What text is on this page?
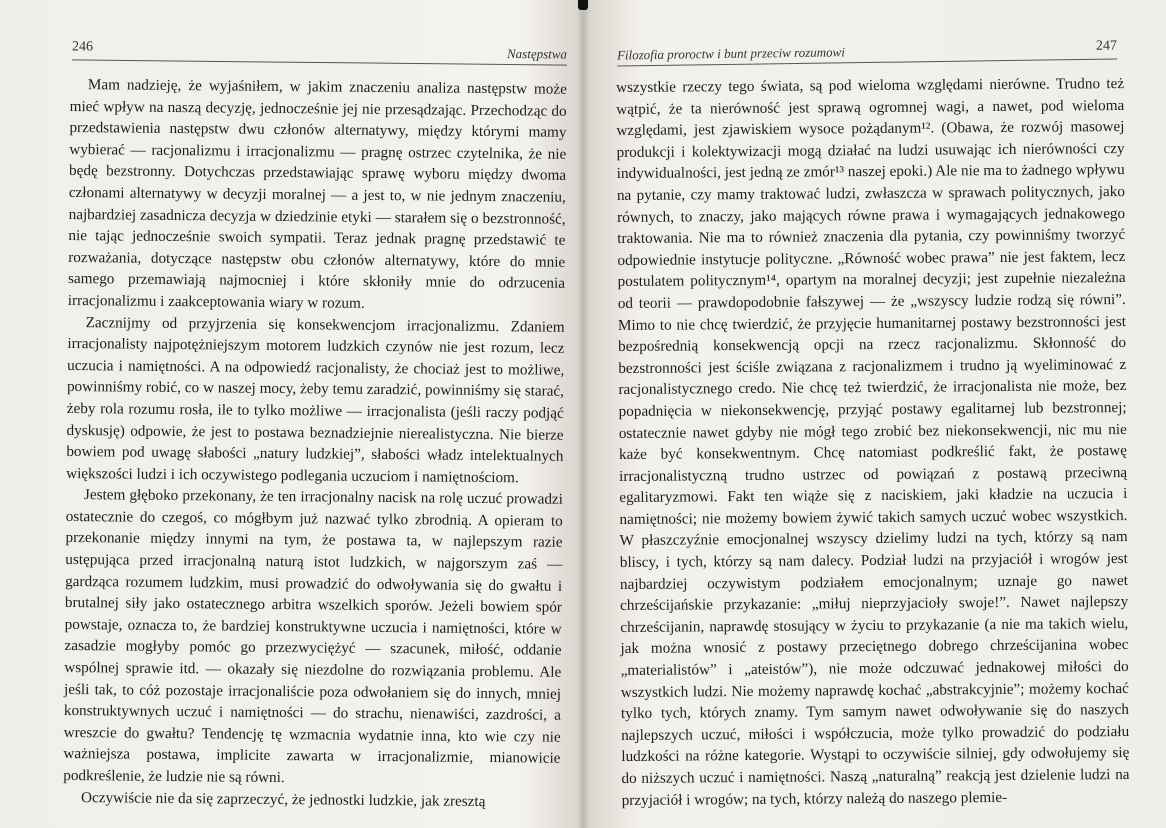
246	Następstwa

Mam nadzieję, że wyjaśniłem, w jakim znaczeniu analiza następstw może mieć wpływ na naszą decyzję, jednocześnie jej nie przesądzając. Przechodząc do przedstawienia następstw dwu członów alternatywy, między którymi mamy wybierać — racjonalizmu i irracjonalizmu — pragnę ostrzec czytelnika, że nie będę bezstronny. Dotychczas przedstawiając sprawę wyboru między dwoma członami alternatywy w decyzji moralnej — a jest to, w nie jednym znaczeniu, najbardziej zasadnicza decyzja w dziedzinie etyki — starałem się o bezstronność, nie tając jednocześnie swoich sympatii. Teraz jednak pragnę przedstawić te rozważania, dotyczące następstw obu członów alternatywy, które do mnie samego przemawiają najmocniej i które skłoniły mnie do odrzucenia irracjonalizmu i zaakceptowania wiary w rozum.

Zacznijmy od przyjrzenia się konsekwencjom irracjonalizmu. Zdaniem irracjonalisty najpotężniejszym motorem ludzkich czynów nie jest rozum, lecz uczucia i namiętności. A na odpowiedź racjonalisty, że chociaż jest to możliwe, powinniśmy robić, co w naszej mocy, żeby temu zaradzić, powinniśmy się starać, żeby rola rozumu rosła, ile to tylko możliwe — irracjonalista (jeśli raczy podjąć dyskusję) odpowie, że jest to postawa beznadziejnie nierealistyczna. Nie bierze bowiem pod uwagę słabości „natury ludzkiej”, słabości władz intelektualnych większości ludzi i ich oczywistego podlegania uczuciom i namiętnościom.

Jestem głęboko przekonany, że ten irracjonalny nacisk na rolę uczuć prowadzi ostatecznie do czegoś, co mógłbym już nazwać tylko zbrodnią. A opieram to przekonanie między innymi na tym, że postawa ta, w najlepszym razie ustępująca przed irracjonalną naturą istot ludzkich, w najgorszym zaś — gardząca rozumem ludzkim, musi prowadzić do odwoływania się do gwałtu i brutalnej siły jako ostatecznego arbitra wszelkich sporów. Jeżeli bowiem spór powstaje, oznacza to, że bardziej konstruktywne uczucia i namiętności, które w zasadzie mogłyby pomóc go przezwyciężyć — szacunek, miłość, oddanie wspólnej sprawie itd. — okazały się niezdolne do rozwiązania problemu. Ale jeśli tak, to cóż pozostaje irracjonaliście poza odwołaniem się do innych, mniej konstruktywnych uczuć i namiętności — do strachu, nienawiści, zazdrości, a wreszcie do gwałtu? Tendencję tę wzmacnia wydatnie inna, kto wie czy nie ważniejsza postawa, implicite zawarta w irracjonalizmie, mianowicie podkreślenie, że ludzie nie są równi.

Oczywiście nie da się zaprzeczyć, że jednostki ludzkie, jak zresztą

Filozofia proroctw i bunt przeciw rozumowi	247

wszystkie rzeczy tego świata, są pod wieloma względami nierówne. Trudno też wątpić, że ta nierówność jest sprawą ogromnej wagi, a nawet, pod wieloma względami, jest zjawiskiem wysoce pożądanym¹². (Obawa, że rozwój masowej produkcji i kolektywizacji mogą działać na ludzi usuwając ich nierówności czy indywidualności, jest jedną ze zmór¹³ naszej epoki.) Ale nie ma to żadnego wpływu na pytanie, czy mamy traktować ludzi, zwłaszcza w sprawach politycznych, jako równych, to znaczy, jako mających równe prawa i wymagających jednakowego traktowania. Nie ma to również znaczenia dla pytania, czy powinniśmy tworzyć odpowiednie instytucje polityczne. „Równość wobec prawa” nie jest faktem, lecz postulatem politycznym¹⁴, opartym na moralnej decyzji; jest zupełnie niezależna od teorii — prawdopodobnie fałszywej — że „wszyscy ludzie rodzą się równi”. Mimo to nie chcę twierdzić, że przyjęcie humanitarnej postawy bezstronności jest bezpośrednią konsekwencją opcji na rzecz racjonalizmu. Skłonność do bezstronności jest ściśle związana z racjonalizmem i trudno ją wyeliminować z racjonalistycznego credo. Nie chcę też twierdzić, że irracjonalista nie może, bez popadnięcia w niekonsekwencję, przyjąć postawy egalitarnej lub bezstronnej; ostatecznie nawet gdyby nie mógł tego zrobić bez niekonsekwencji, nic mu nie każe być konsekwentnym. Chcę natomiast podkreślić fakt, że postawę irracjonalistyczną trudno ustrzec od powiązań z postawą przeciwną egalitaryzmowi. Fakt ten wiąże się z naciskiem, jaki kładzie na uczucia i namiętności; nie możemy bowiem żywić takich samych uczuć wobec wszystkich. W płaszczyźnie emocjonalnej wszyscy dzielimy ludzi na tych, którzy są nam bliscy, i tych, którzy są nam dalecy. Podział ludzi na przyjaciół i wrogów jest najbardziej oczywistym podziałem emocjonalnym; uznaje go nawet chrześcijańskie przykazanie: „miłuj nieprzyjacioły swoje!”. Nawet najlepszy chrześcijanin, naprawdę stosujący w życiu to przykazanie (a nie ma takich wielu, jak można wnosić z postawy przeciętnego dobrego chrześcijanina wobec „materialistów” i „ateistów”), nie może odczuwać jednakowej miłości do wszystkich ludzi. Nie możemy naprawdę kochać „abstrakcyjnie”; możemy kochać tylko tych, których znamy. Tym samym nawet odwoływanie się do naszych najlepszych uczuć, miłości i współczucia, może tylko prowadzić do podziału ludzkości na różne kategorie. Wystąpi to oczywiście silniej, gdy odwołujemy się do niższych uczuć i namiętności. Naszą „naturalną” reakcją jest dzielenie ludzi na przyjaciół i wrogów; na tych, którzy należą do naszego plemie-
